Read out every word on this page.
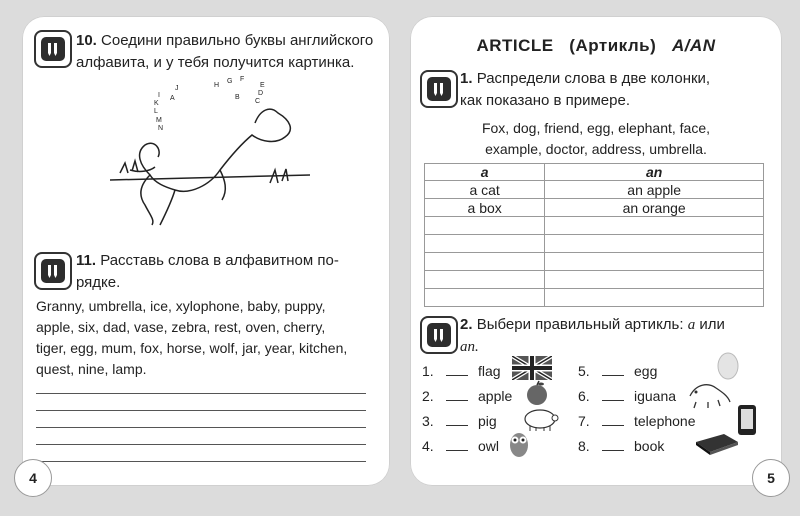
10. Соедини правильно буквы английского
алфавита, и у тебя получится картинка.
I
J
K
L
M
N
G F
E
H
D
C
B
A
11. Расставь слова в алфавитном по-
рядке.
Granny, umbrella, ice, xylophone, baby, puppy,
apple, six, dad, vase, zebra, rest, oven, cherry,
tiger, egg, mum, fox, horse, wolf, jar, year, kitchen,
quest, nine, lamp.
4
ARTICLE (Артикль) A/AN
1. Распредели слова в две колонки,
как показано в примере.
Fox, dog, friend, egg, elephant, face,
example, doctor, address, umbrella.
a	an
a cat	an apple
a box	an orange

2. Выбери правильный артикль: a или
an.
1.	flag
2.	apple
3.	pig
4.	owl
5.	egg
6.	iguana
7.	telephone
8.	book
5
